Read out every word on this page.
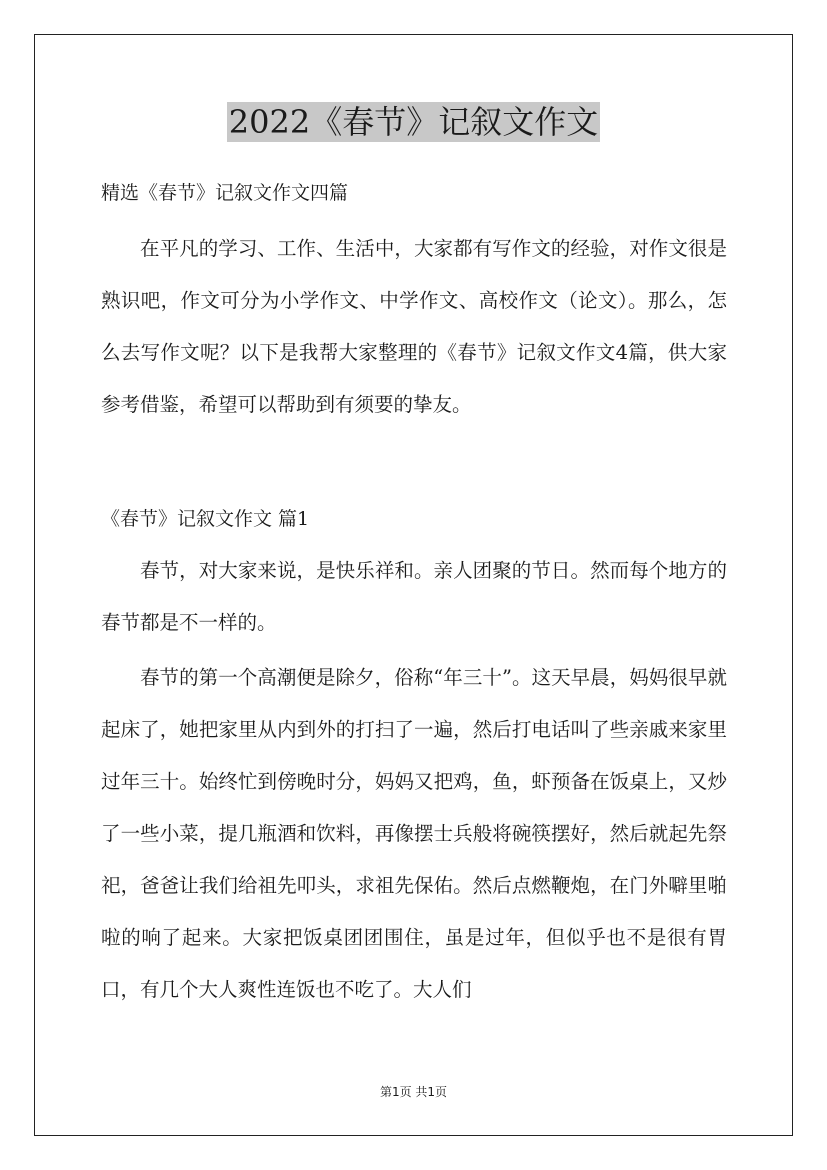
2022《春节》记叙文作文
精选《春节》记叙文作文四篇

在平凡的学习、工作、生活中，大家都有写作文的经验，对作文很是熟识吧，作文可分为小学作文、中学作文、高校作文（论文）。那么，怎么去写作文呢？以下是我帮大家整理的《春节》记叙文作文4篇，供大家参考借鉴，希望可以帮助到有须要的挚友。

《春节》记叙文作文 篇1

春节，对大家来说，是快乐祥和。亲人团聚的节日。然而每个地方的春节都是不一样的。

春节的第一个高潮便是除夕，俗称“年三十”。这天早晨，妈妈很早就起床了，她把家里从内到外的打扫了一遍，然后打电话叫了些亲戚来家里过年三十。始终忙到傍晚时分，妈妈又把鸡，鱼，虾预备在饭桌上，又炒了一些小菜，提几瓶酒和饮料，再像摆士兵般将碗筷摆好，然后就起先祭祀，爸爸让我们给祖先叩头，求祖先保佑。然后点燃鞭炮，在门外噼里啪啦的响了起来。大家把饭桌团团围住，虽是过年，但似乎也不是很有胃口，有几个大人爽性连饭也不吃了。大人们

第1页 共1页
